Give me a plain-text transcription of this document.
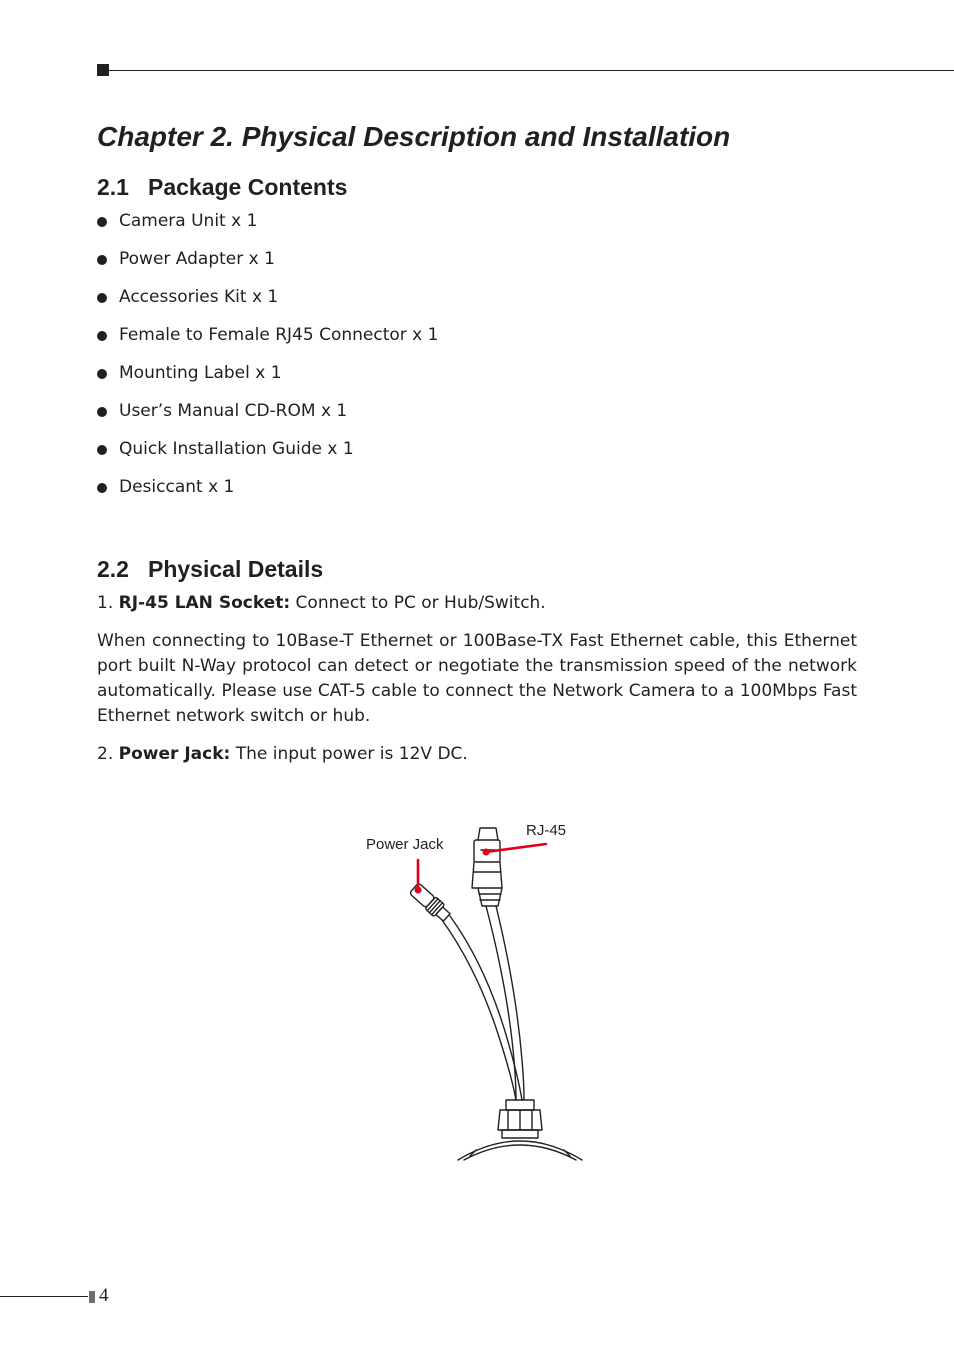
Chapter 2. Physical Description and Installation
2.1 Package Contents
Camera Unit x 1
Power Adapter x 1
Accessories Kit x 1
Female to Female RJ45 Connector x 1
Mounting Label x 1
User’s Manual CD-ROM x 1
Quick Installation Guide x 1
Desiccant x 1
2.2 Physical Details

1. RJ-45 LAN Socket: Connect to PC or Hub/Switch.

When connecting to 10Base-T Ethernet or 100Base-TX Fast Ethernet cable, this Ethernet port built N-Way protocol can detect or negotiate the transmission speed of the network automatically. Please use CAT-5 cable to connect the Network Camera to a 100Mbps Fast Ethernet network switch or hub.

2. Power Jack: The input power is 12V DC.

Power Jack
RJ-45
4
